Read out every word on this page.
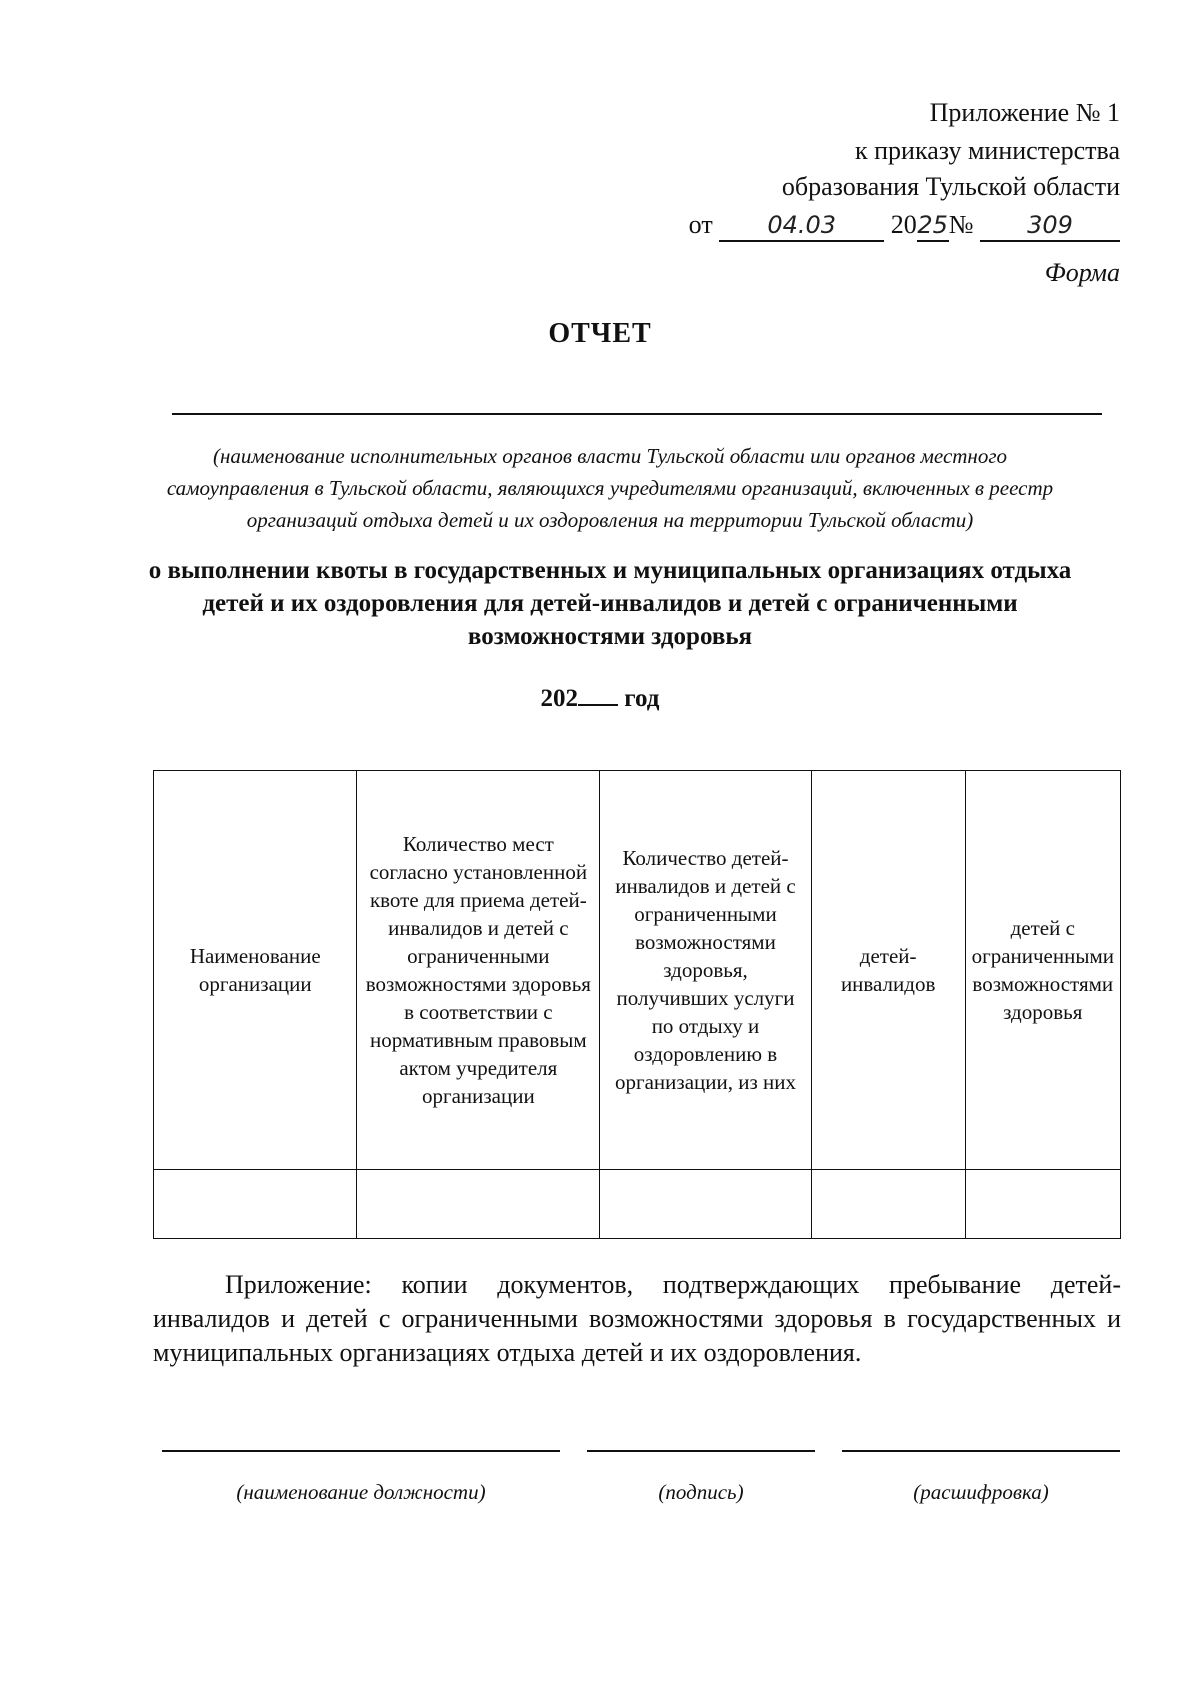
Приложение № 1
к приказу министерства
образования Тульской области
от 04.03 2025№ 309
Форма
ОТЧЕТ
(наименование исполнительных органов власти Тульской области или органов местного самоуправления в Тульской области, являющихся учредителями организаций, включенных в реестр организаций отдыха детей и их оздоровления на территории Тульской области)
о выполнении квоты в государственных и муниципальных организациях отдыха детей и их оздоровления для детей-инвалидов и детей с ограниченными возможностями здоровья
202 год
Наименование организации	Количество мест согласно установленной квоте для приема детей-инвалидов и детей с ограниченными возможностями здоровья в соответствии с нормативным правовым актом учредителя организации	Количество детей-инвалидов и детей с ограниченными возможностями здоровья, получивших услуги по отдыху и оздоровлению в организации, из них	детей-инвалидов	детей с ограниченными возможностями здоровья

Приложение: копии документов, подтверждающих пребывание детей-инвалидов и детей с ограниченными возможностями здоровья в государственных и муниципальных организациях отдыха детей и их оздоровления.
(наименование должности)	(подпись)	(расшифровка)
